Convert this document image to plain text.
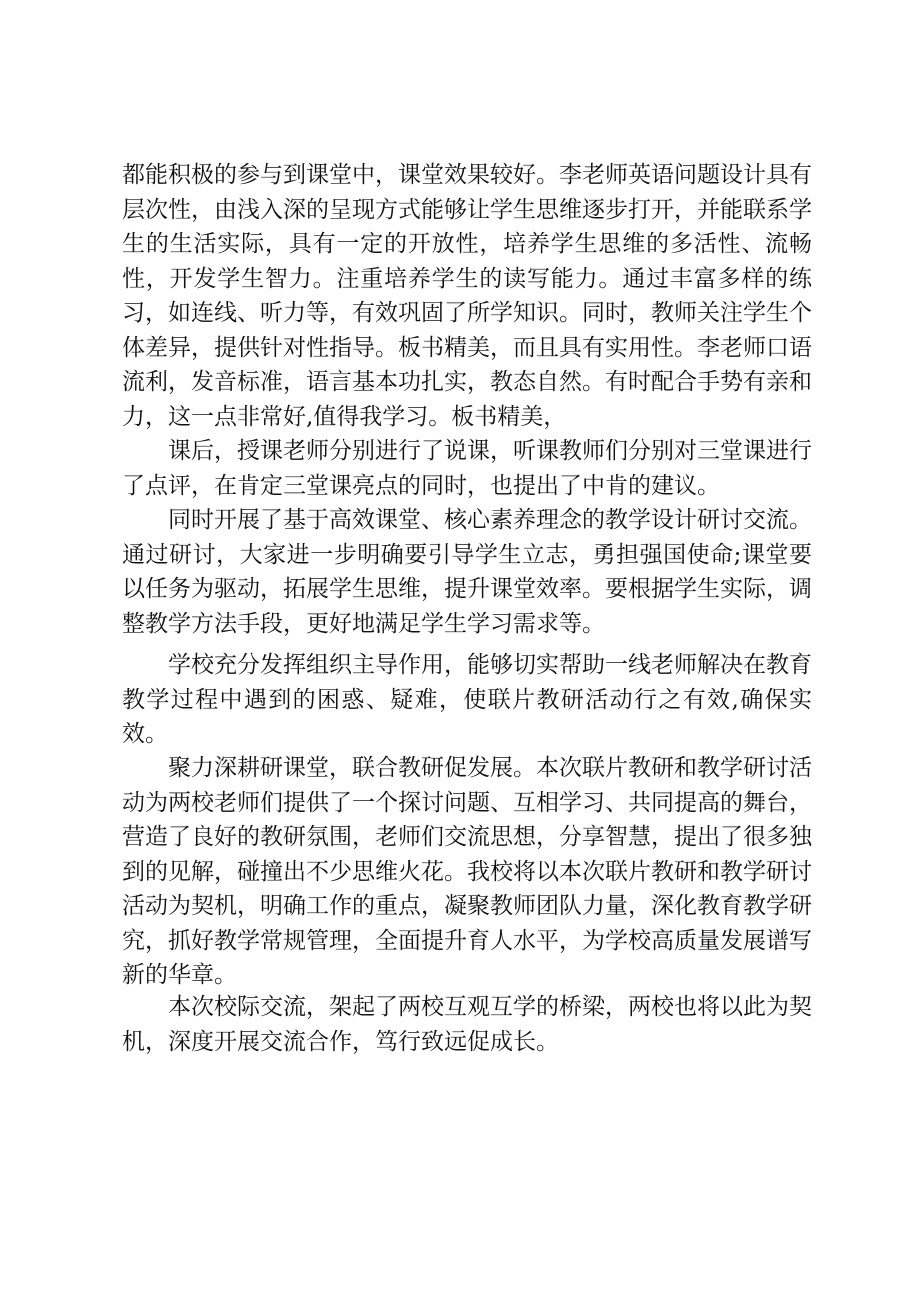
都能积极的参与到课堂中，课堂效果较好。李老师英语问题设计具有层次性，由浅入深的呈现方式能够让学生思维逐步打开，并能联系学生的生活实际，具有一定的开放性，培养学生思维的多活性、流畅性，开发学生智力。注重培养学生的读写能力。通过丰富多样的练习，如连线、听力等，有效巩固了所学知识。同时，教师关注学生个体差异，提供针对性指导。板书精美，而且具有实用性。李老师口语流利，发音标准，语言基本功扎实，教态自然。有时配合手势有亲和力，这一点非常好,值得我学习。板书精美，

课后，授课老师分别进行了说课，听课教师们分别对三堂课进行了点评，在肯定三堂课亮点的同时，也提出了中肯的建议。

同时开展了基于高效课堂、核心素养理念的教学设计研讨交流。通过研讨，大家进一步明确要引导学生立志，勇担强国使命;课堂要以任务为驱动，拓展学生思维，提升课堂效率。要根据学生实际，调整教学方法手段，更好地满足学生学习需求等。

学校充分发挥组织主导作用，能够切实帮助一线老师解决在教育教学过程中遇到的困惑、疑难，使联片教研活动行之有效,确保实效。

聚力深耕研课堂，联合教研促发展。本次联片教研和教学研讨活动为两校老师们提供了一个探讨问题、互相学习、共同提高的舞台，营造了良好的教研氛围，老师们交流思想，分享智慧，提出了很多独到的见解，碰撞出不少思维火花。我校将以本次联片教研和教学研讨活动为契机，明确工作的重点，凝聚教师团队力量，深化教育教学研究，抓好教学常规管理，全面提升育人水平，为学校高质量发展谱写新的华章。

本次校际交流，架起了两校互观互学的桥梁，两校也将以此为契机，深度开展交流合作，笃行致远促成长。
